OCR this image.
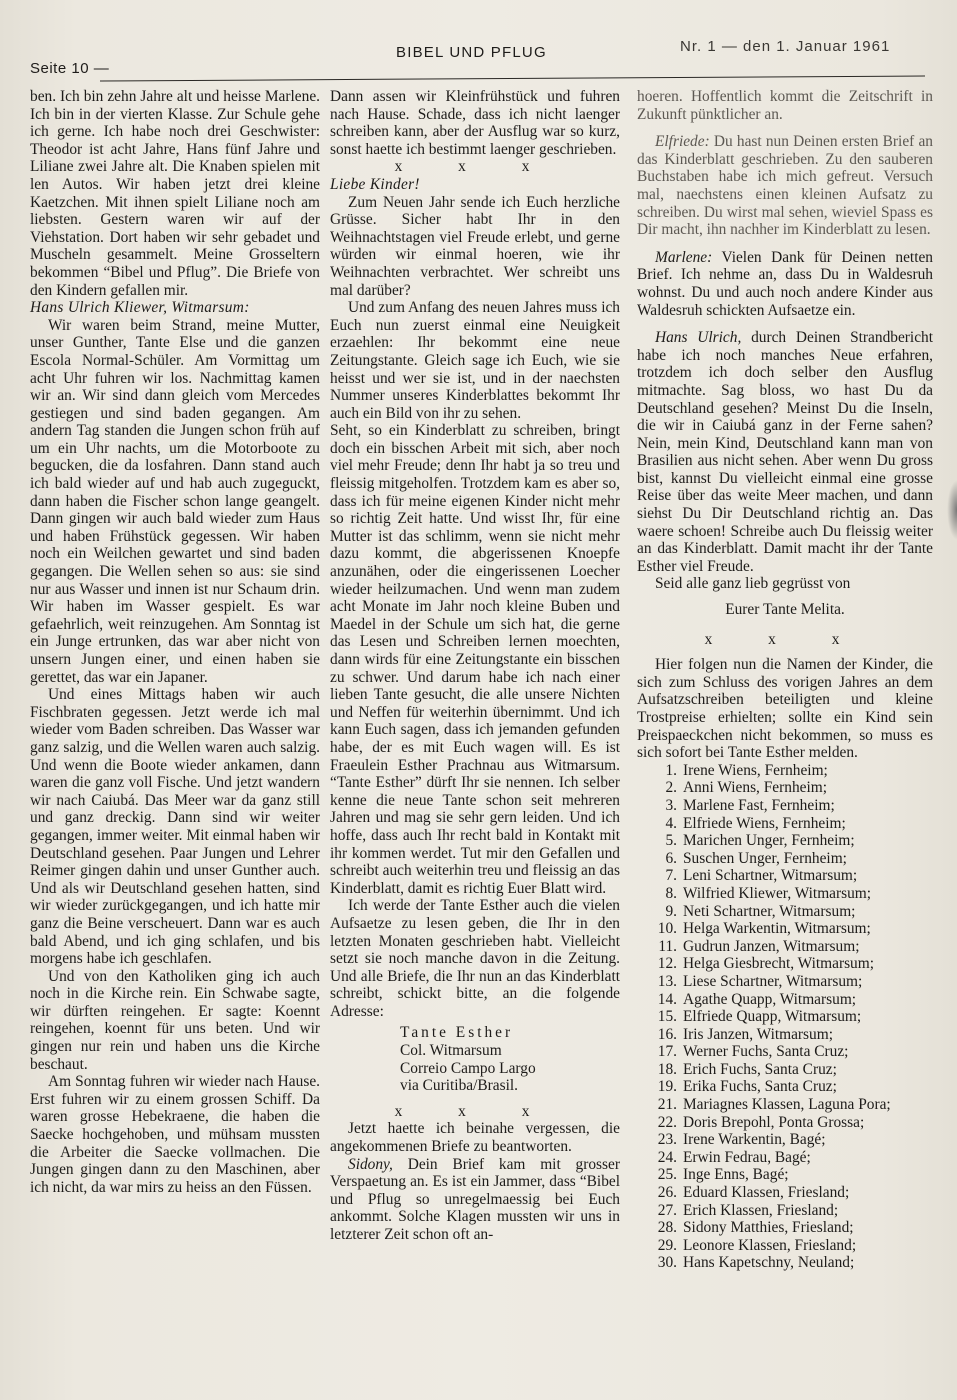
Seite 10 —
BIBEL UND PFLUG	Nr. 1 — den 1. Januar 1961

ben. Ich bin zehn Jahre alt und heisse Marlene. Ich bin in der vierten Klasse. Zur Schule gehe ich gerne. Ich habe noch drei Geschwister: Theodor ist acht Jahre, Hans fünf Jahre und Liliane zwei Jahre alt. Die Knaben spielen mit len Autos. Wir haben jetzt drei kleine Kaetzchen. Mit ihnen spielt Liliane noch am liebsten. Gestern waren wir auf der Viehstation. Dort haben wir sehr gebadet und Muscheln gesammelt. Meine Grosseltern bekommen “Bibel und Pflug”. Die Briefe von den Kindern gefallen mir.

Hans Ulrich Kliewer, Witmarsum:

Wir waren beim Strand, meine Mutter, unser Gunther, Tante Else und die ganzen Escola Normal-Schüler. Am Vormittag um acht Uhr fuhren wir los. Nachmittag kamen wir an. Wir sind dann gleich vom Mercedes gestiegen und sind baden gegangen. Am andern Tag standen die Jungen schon früh auf um ein Uhr nachts, um die Motorboote zu begucken, die da losfahren. Dann stand auch ich bald wieder auf und hab auch zugeguckt, dann haben die Fischer schon lange geangelt. Dann gingen wir auch bald wieder zum Haus und haben Frühstück gegessen. Wir haben noch ein Weilchen gewartet und sind baden gegangen. Die Wellen sehen so aus: sie sind nur aus Wasser und innen ist nur Schaum drin. Wir haben im Wasser gespielt. Es war gefaehrlich, weit reinzugehen. Am Sonntag ist ein Junge ertrunken, das war aber nicht von unsern Jungen einer, und einen haben sie gerettet, das war ein Japaner.

Und eines Mittags haben wir auch Fischbraten gegessen. Jetzt werde ich mal wieder vom Baden schreiben. Das Wasser war ganz salzig, und die Wellen waren auch salzig. Und wenn die Boote wieder ankamen, dann waren die ganz voll Fische. Und jetzt wandern wir nach Caiubá. Das Meer war da ganz still und ganz dreckig. Dann sind wir weiter gegangen, immer weiter. Mit einmal haben wir Deutschland gesehen. Paar Jungen und Lehrer Reimer gingen dahin und unser Gunther auch. Und als wir Deutschland gesehen hatten, sind wir wieder zurückgegangen, und ich hatte mir ganz die Beine verscheuert. Dann war es auch bald Abend, und ich ging schlafen, und bis morgens habe ich geschlafen.

Und von den Katholiken ging ich auch noch in die Kirche rein. Ein Schwabe sagte, wir dürften reingehen. Er sagte: Koennt reingehen, koennt für uns beten. Und wir gingen nur rein und haben uns die Kirche beschaut.

Am Sonntag fuhren wir wieder nach Hause. Erst fuhren wir zu einem grossen Schiff. Da waren grosse Hebekraene, die haben die Saecke hochgehoben, und mühsam mussten die Arbeiter die Saecke vollmachen. Die Jungen gingen dann zu den Maschinen, aber ich nicht, da war mirs zu heiss an den Füssen.

Dann assen wir Kleinfrühstück und fuhren nach Hause. Schade, dass ich nicht laenger schreiben kann, aber der Ausflug war so kurz, sonst haette ich bestimmt laenger geschrieben.

x x x

Liebe Kinder!

Zum Neuen Jahr sende ich Euch herzliche Grüsse. Sicher habt Ihr in den Weihnachtstagen viel Freude erlebt, und gerne würden wir einmal hoeren, wie ihr Weihnachten verbrachtet. Wer schreibt uns mal darüber?

Und zum Anfang des neuen Jahres muss ich Euch nun zuerst einmal eine Neuigkeit erzaehlen: Ihr bekommt eine neue Zeitungstante. Gleich sage ich Euch, wie sie heisst und wer sie ist, und in der naechsten Nummer unseres Kinderblattes bekommt Ihr auch ein Bild von ihr zu sehen.

Seht, so ein Kinderblatt zu schreiben, bringt doch ein bisschen Arbeit mit sich, aber noch viel mehr Freude; denn Ihr habt ja so treu und fleissig mitgeholfen. Trotzdem kam es aber so, dass ich für meine eigenen Kinder nicht mehr so richtig Zeit hatte. Und wisst Ihr, für eine Mutter ist das schlimm, wenn sie nicht mehr dazu kommt, die abgerissenen Knoepfe anzunähen, oder die eingerissenen Loecher wieder heilzumachen. Und wenn man zudem acht Monate im Jahr noch kleine Buben und Maedel in der Schule um sich hat, die gerne das Lesen und Schreiben lernen moechten, dann wirds für eine Zeitungstante ein bisschen zu schwer. Und darum habe ich nach einer lieben Tante gesucht, die alle unsere Nichten und Neffen für weiterhin übernimmt. Und ich kann Euch sagen, dass ich jemanden gefunden habe, der es mit Euch wagen will. Es ist Fraeulein Esther Prachnau aus Witmarsum. “Tante Esther” dürft Ihr sie nennen. Ich selber kenne die neue Tante schon seit mehreren Jahren und mag sie sehr gern leiden. Und ich hoffe, dass auch Ihr recht bald in Kontakt mit ihr kommen werdet. Tut mir den Gefallen und schreibt auch weiterhin treu und fleissig an das Kinderblatt, damit es richtig Euer Blatt wird.

Ich werde der Tante Esther auch die vielen Aufsaetze zu lesen geben, die Ihr in den letzten Monaten geschrieben habt. Vielleicht setzt sie noch manche davon in die Zeitung. Und alle Briefe, die Ihr nun an das Kinderblatt schreibt, schickt bitte, an die folgende Adresse:

Tante Esther
Col. Witmarsum
Correio Campo Largo
via Curitiba/Brasil.

x x x

Jetzt haette ich beinahe vergessen, die angekommenen Briefe zu beantworten.

Sidony, Dein Brief kam mit grosser Verspaetung an. Es ist ein Jammer, dass “Bibel und Pflug so unregelmaessig bei Euch ankommt. Solche Klagen mussten wir uns in letzterer Zeit schon oft an-

hoeren. Hoffentlich kommt die Zeitschrift in Zukunft pünktlicher an.

Elfriede: Du hast nun Deinen ersten Brief an das Kinderblatt geschrieben. Zu den sauberen Buchstaben habe ich mich gefreut. Versuch mal, naechstens einen kleinen Aufsatz zu schreiben. Du wirst mal sehen, wieviel Spass es Dir macht, ihn nachher im Kinderblatt zu lesen.

Marlene: Vielen Dank für Deinen netten Brief. Ich nehme an, dass Du in Waldesruh wohnst. Du und auch noch andere Kinder aus Waldesruh schickten Aufsaetze ein.

Hans Ulrich, durch Deinen Strandbericht habe ich noch manches Neue erfahren, trotzdem ich doch selber den Ausflug mitmachte. Sag bloss, wo hast Du da Deutschland gesehen? Meinst Du die Inseln, die wir in Caiubá ganz in der Ferne sahen? Nein, mein Kind, Deutschland kann man von Brasilien aus nicht sehen. Aber wenn Du gross bist, kannst Du vielleicht einmal eine grosse Reise über das weite Meer machen, und dann siehst Du Dir Deutschland richtig an. Das waere schoen! Schreibe auch Du fleissig weiter an das Kinderblatt. Damit macht ihr der Tante Esther viel Freude.

Seid alle ganz lieb gegrüsst von

Eurer Tante Melita.

x x x

Hier folgen nun die Namen der Kinder, die sich zum Schluss des vorigen Jahres an dem Aufsatzschreiben beteiligten und kleine Trostpreise erhielten; sollte ein Kind sein Preispaeckchen nicht bekommen, so muss es sich sofort bei Tante Esther melden.

1. Irene Wiens, Fernheim;
2. Anni Wiens, Fernheim;
3. Marlene Fast, Fernheim;
4. Elfriede Wiens, Fernheim;
5. Marichen Unger, Fernheim;
6. Suschen Unger, Fernheim;
7. Leni Schartner, Witmarsum;
8. Wilfried Kliewer, Witmarsum;
9. Neti Schartner, Witmarsum;
10. Helga Warkentin, Witmarsum;
11. Gudrun Janzen, Witmarsum;
12. Helga Giesbrecht, Witmarsum;
13. Liese Schartner, Witmarsum;
14. Agathe Quapp, Witmarsum;
15. Elfriede Quapp, Witmarsum;
16. Iris Janzen, Witmarsum;
17. Werner Fuchs, Santa Cruz;
18. Erich Fuchs, Santa Cruz;
19. Erika Fuchs, Santa Cruz;
21. Mariagnes Klassen, Laguna Pora;
22. Doris Brepohl, Ponta Grossa;
23. Irene Warkentin, Bagé;
24. Erwin Fedrau, Bagé;
25. Inge Enns, Bagé;
26. Eduard Klassen, Friesland;
27. Erich Klassen, Friesland;
28. Sidony Matthies, Friesland;
29. Leonore Klassen, Friesland;
30. Hans Kapetschny, Neuland;
